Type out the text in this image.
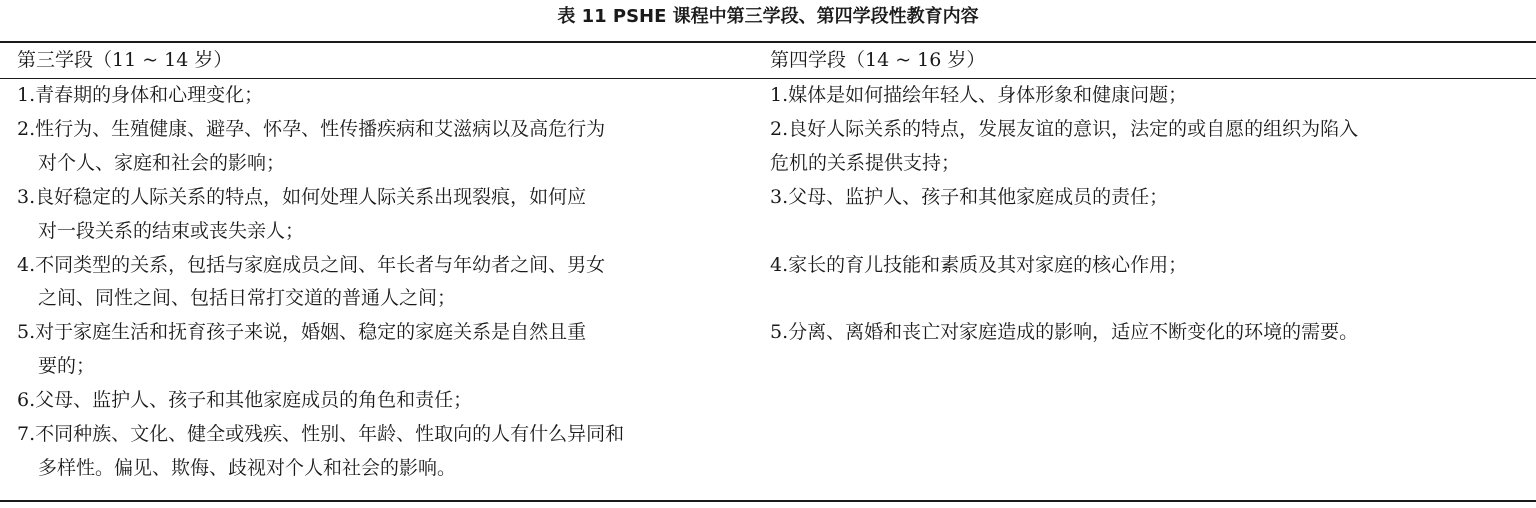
表 11 PSHE 课程中第三学段、第四学段性教育内容
第三学段（11 ~ 14 岁）	第四学段（14 ~ 16 岁）

1.青春期的身体和心理变化；

2.性行为、生殖健康、避孕、怀孕、性传播疾病和艾滋病以及高危行为
对个人、家庭和社会的影响；

3.良好稳定的人际关系的特点，如何处理人际关系出现裂痕，如何应
对一段关系的结束或丧失亲人；

4.不同类型的关系，包括与家庭成员之间、年长者与年幼者之间、男女
之间、同性之间、包括日常打交道的普通人之间；

5.对于家庭生活和抚育孩子来说，婚姻、稳定的家庭关系是自然且重
要的；

6.父母、监护人、孩子和其他家庭成员的角色和责任；

7.不同种族、文化、健全或残疾、性别、年龄、性取向的人有什么异同和
多样性。偏见、欺侮、歧视对个人和社会的影响。

1.媒体是如何描绘年轻人、身体形象和健康问题；

2.良好人际关系的特点，发展友谊的意识，法定的或自愿的组织为陷入
危机的关系提供支持；

3.父母、监护人、孩子和其他家庭成员的责任；

4.家长的育儿技能和素质及其对家庭的核心作用；

5.分离、离婚和丧亡对家庭造成的影响，适应不断变化的环境的需要。
